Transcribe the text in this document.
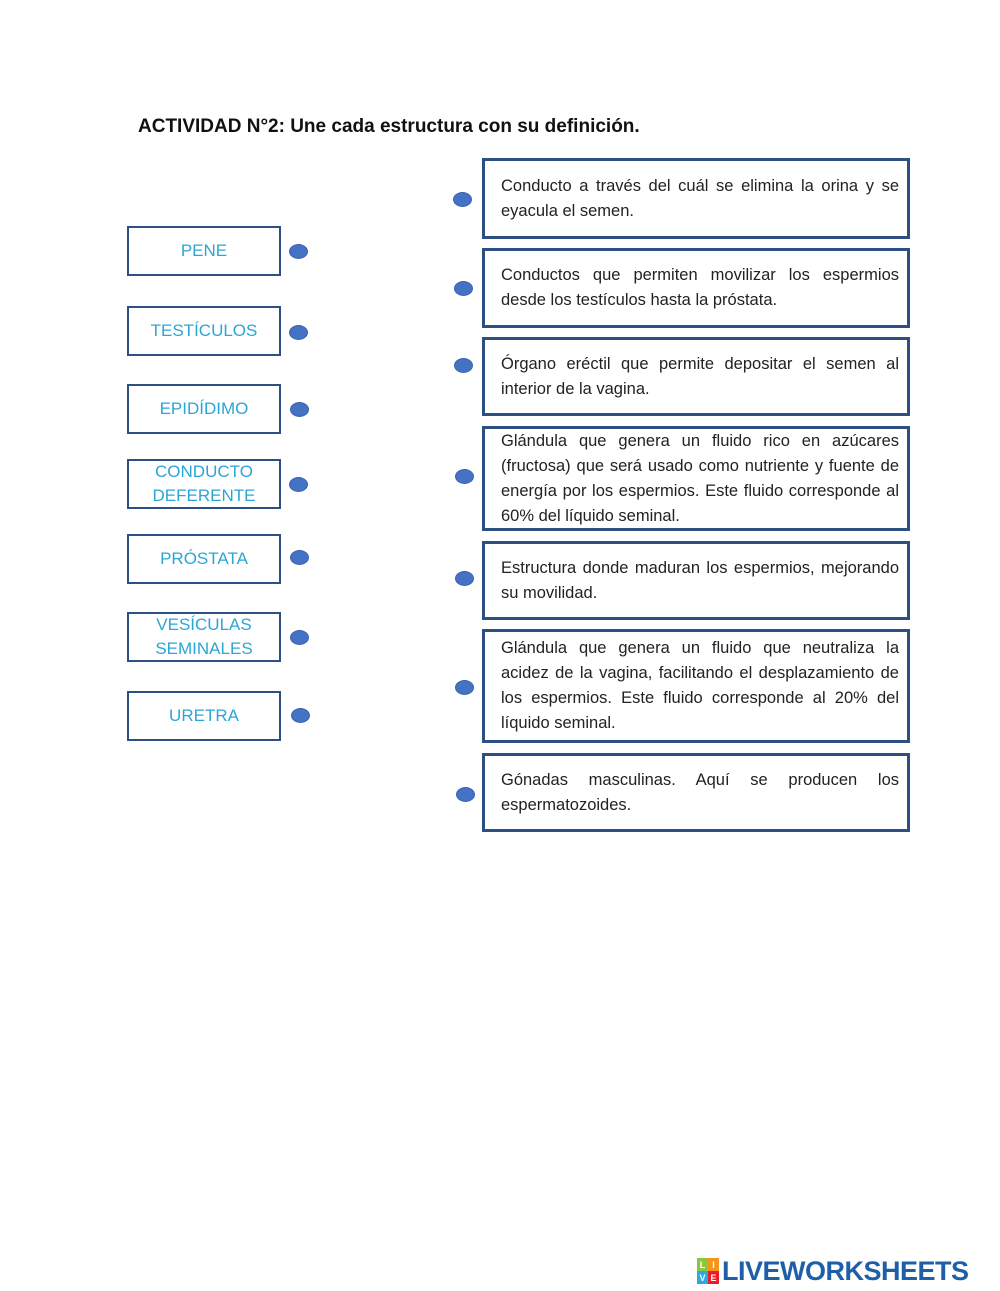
ACTIVIDAD N°2: Une cada estructura con su definición.
PENE
TESTÍCULOS
EPIDÍDIMO
CONDUCTO DEFERENTE
PRÓSTATA
VESÍCULAS SEMINALES
URETRA
Conducto a través del cuál se elimina la orina y se eyacula el semen.
Conductos que permiten movilizar los espermios desde los testículos hasta la próstata.
Órgano eréctil que permite depositar el semen al interior de la vagina.
Glándula que genera un fluido rico en azúcares (fructosa) que será usado como nutriente y fuente de energía por los espermios. Este fluido corresponde al 60% del líquido seminal.
Estructura donde maduran los espermios, mejorando su movilidad.
Glándula que genera un fluido que neutraliza la acidez de la vagina, facilitando el desplazamiento de los espermios. Este fluido corresponde al 20% del líquido seminal.
Gónadas masculinas. Aquí se producen los espermatozoides.
L I
V E LIVEWORKSHEETS
